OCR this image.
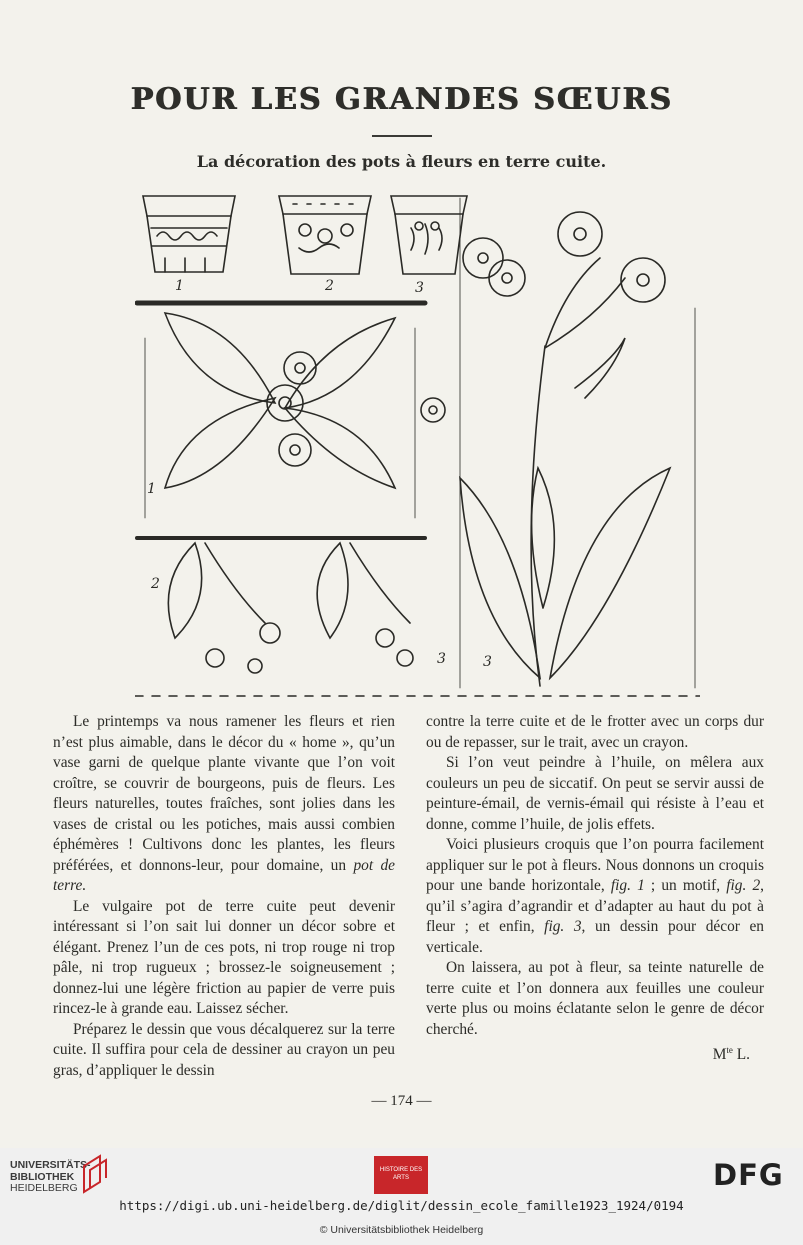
POUR LES GRANDES SŒURS
La décoration des pots à fleurs en terre cuite.
1	2	3
1
2
3
3

Le printemps va nous ramener les fleurs et rien n’est plus aimable, dans le décor du « home », qu’un vase garni de quelque plante vivante que l’on voit croître, se couvrir de bourgeons, puis de fleurs. Les fleurs naturelles, toutes fraîches, sont jolies dans les vases de cristal ou les potiches, mais aussi combien éphémères ! Cultivons donc les plantes, les fleurs préférées, et donnons-leur, pour domaine, un pot de terre.

Le vulgaire pot de terre cuite peut devenir intéressant si l’on sait lui donner un décor sobre et élégant. Prenez l’un de ces pots, ni trop rouge ni trop pâle, ni trop rugueux ; brossez-le soigneusement ; donnez-lui une légère friction au papier de verre puis rincez-le à grande eau. Laissez sécher.

Préparez le dessin que vous décalquerez sur la terre cuite. Il suffira pour cela de dessiner au crayon un peu gras, d’appliquer le dessin

contre la terre cuite et de le frotter avec un corps dur ou de repasser, sur le trait, avec un crayon.

Si l’on veut peindre à l’huile, on mêlera aux couleurs un peu de siccatif. On peut se servir aussi de peinture-émail, de vernis-émail qui résiste à l’eau et donne, comme l’huile, de jolis effets.

Voici plusieurs croquis que l’on pourra facilement appliquer sur le pot à fleurs. Nous donnons un croquis pour une bande horizontale, fig. 1 ; un motif, fig. 2, qu’il s’agira d’agrandir et d’adapter au haut du pot à fleur ; et enfin, fig. 3, un dessin pour décor en verticale.

On laissera, au pot à fleur, sa teinte naturelle de terre cuite et l’on donnera aux feuilles une couleur verte plus ou moins éclatante selon le genre de décor cherché.

$M^{te}$ L.

— 174 —
UNIVERSITÄTS-
BIBLIOTHEK
HEIDELBERG
HISTOIRE DES
ARTS	DFG
https://digi.ub.uni-heidelberg.de/diglit/dessin_ecole_famille1923_1924/0194
© Universitätsbibliothek Heidelberg
